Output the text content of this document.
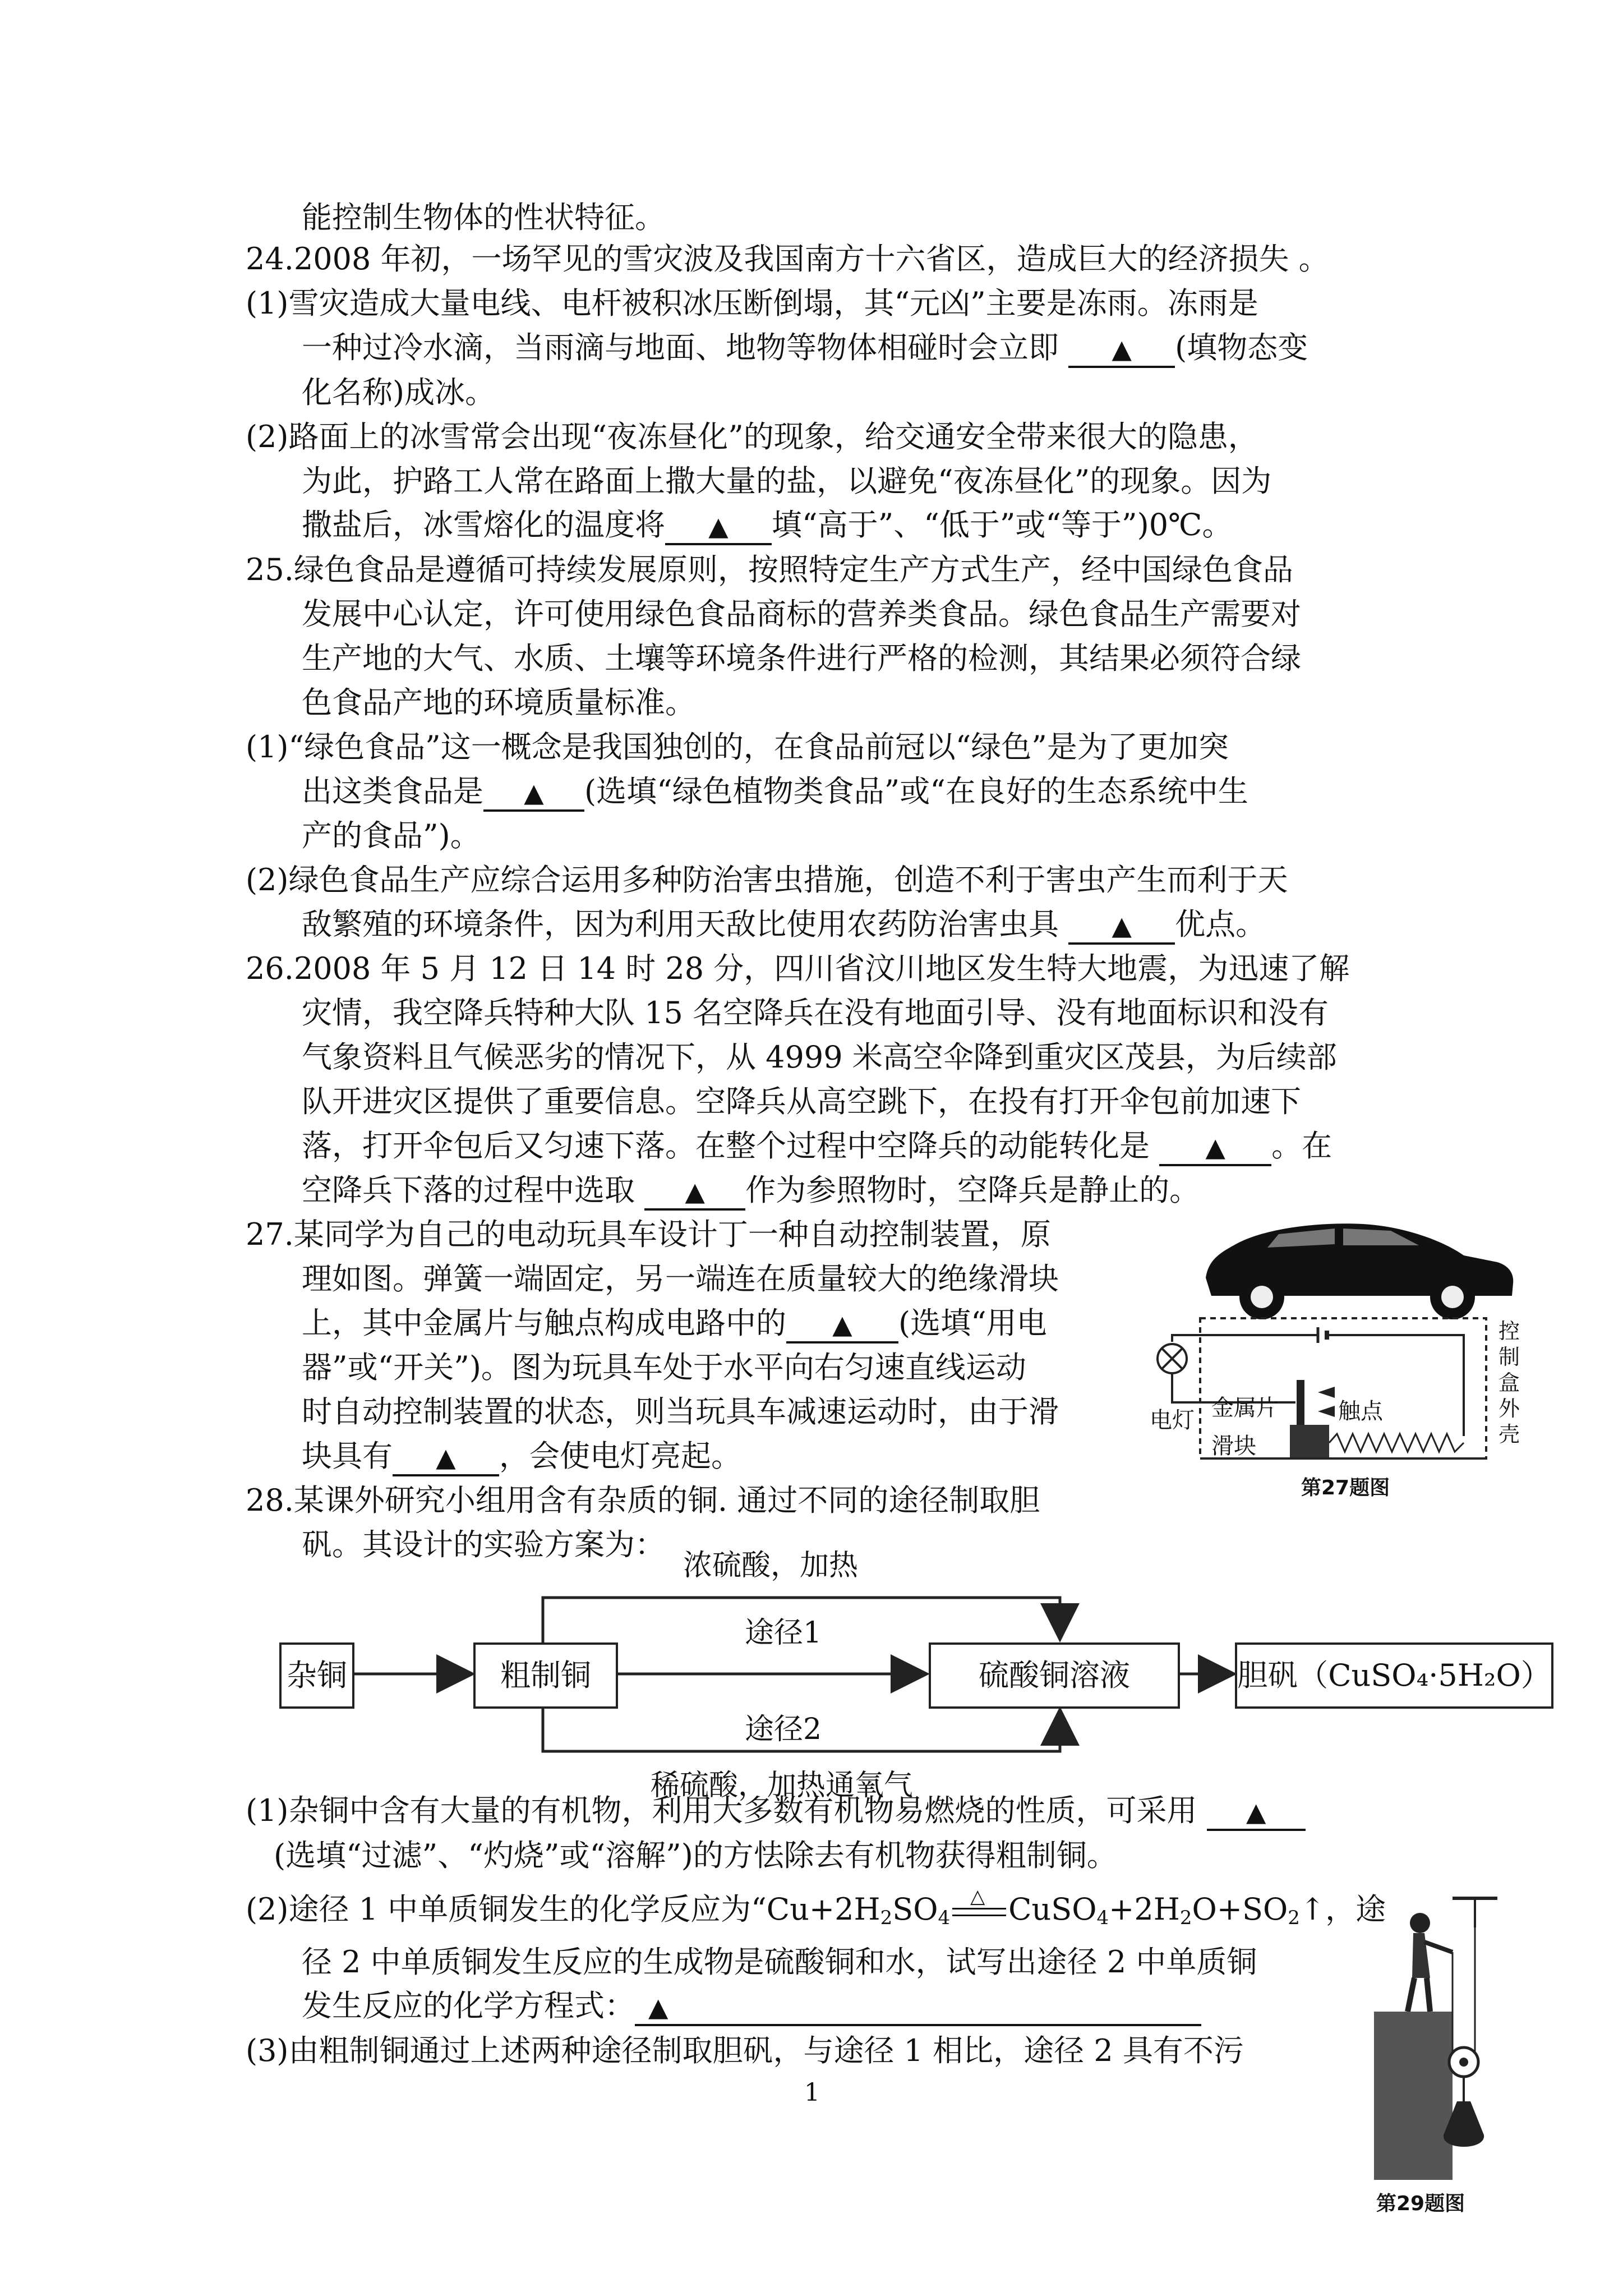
能控制生物体的性状特征。
24.2008 年初，一场罕见的雪灾波及我国南方十六省区，造成巨大的经济损失 。
(1)雪灾造成大量电线、电杆被积冰压断倒塌，其“元凶”主要是冻雨。冻雨是
一种过冷水滴，当雨滴与地面、地物等物体相碰时会立即 ▲ (填物态变
化名称)成冰。
(2)路面上的冰雪常会出现“夜冻昼化”的现象，给交通安全带来很大的隐患，
为此，护路工人常在路面上撒大量的盐，以避免“夜冻昼化”的现象。因为
撒盐后，冰雪熔化的温度将 ▲ 填“高于”、“低于”或“等于”)0℃。
25.绿色食品是遵循可持续发展原则，按照特定生产方式生产，经中国绿色食品
发展中心认定，许可使用绿色食品商标的营养类食品。绿色食品生产需要对
生产地的大气、水质、土壤等环境条件进行严格的检测，其结果必须符合绿
色食品产地的环境质量标准。
(1)“绿色食品”这一概念是我国独创的，在食品前冠以“绿色”是为了更加突
出这类食品是 ▲ (选填“绿色植物类食品”或“在良好的生态系统中生
产的食品”)。
(2)绿色食品生产应综合运用多种防治害虫措施，创造不利于害虫产生而利于天
敌繁殖的环境条件，因为利用天敌比使用农药防治害虫具 ▲ 优点。
26.2008 年 5 月 12 日 14 时 28 分，四川省汶川地区发生特大地震，为迅速了解
灾情，我空降兵特种大队 15 名空降兵在没有地面引导、没有地面标识和没有
气象资料且气候恶劣的情况下，从 4999 米高空伞降到重灾区茂县，为后续部
队开进灾区提供了重要信息。空降兵从高空跳下，在投有打开伞包前加速下
落，打开伞包后又匀速下落。在整个过程中空降兵的动能转化是 ▲ 。在
空降兵下落的过程中选取 ▲ 作为参照物时，空降兵是静止的。
27.某同学为自己的电动玩具车设计丁一种自动控制装置，原
理如图。弹簧一端固定，另一端连在质量较大的绝缘滑块
上，其中金属片与触点构成电路中的 ▲ (选填“用电
器”或“开关”)。图为玩具车处于水平向右匀速直线运动
时自动控制装置的状态，则当玩具车减速运动时，由于滑
块具有 ▲ ，会使电灯亮起。
28.某课外研究小组用含有杂质的铜. 通过不同的途径制取胆
矾。其设计的实验方案为：
浓硫酸，加热
途径1
途径2
稀硫酸，加热通氧气
杂铜	粗制铜	硫酸铜溶液	胆矾（CuSO₄·5H₂O）
(1)杂铜中含有大量的有机物，利用大多数有机物易燃烧的性质，可采用 ▲
(选填“过滤”、“灼烧”或“溶解”)的方怯除去有机物获得粗制铜。
(2)途径 1 中单质铜发生的化学反应为“$Cu+2H_2SO_4$
△ $CuSO_4+2H_2O+SO_2↑$，途
径 2 中单质铜发生反应的生成物是硫酸铜和水，试写出途径 2 中单质铜
发生反应的化学方程式： ▲
(3)由粗制铜通过上述两种途径制取胆矾，与途径 1 相比，途径 2 具有不污
1
电灯 金属片	触点
滑块
控制盒外壳
第27题图
第29题图
